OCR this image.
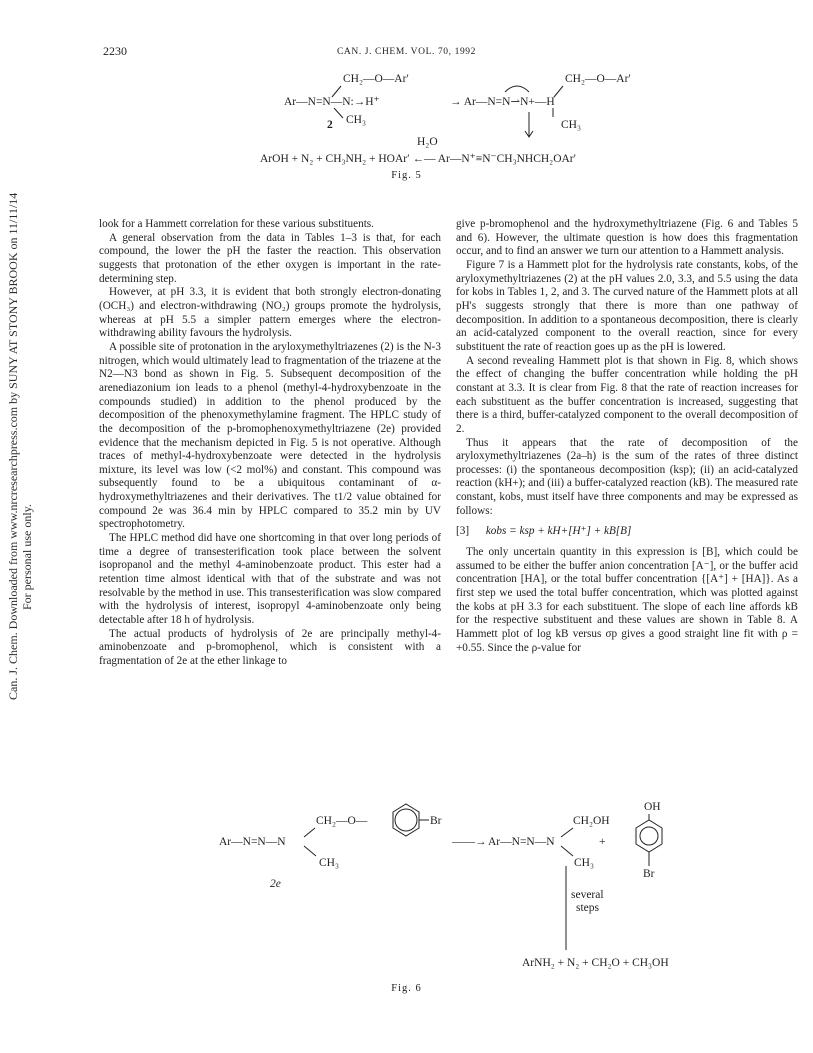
2230	CAN. J. CHEM. VOL. 70, 1992
Can. J. Chem. Downloaded from www.nrcresearchpress.com by SUNY AT STONY BROOK on 11/11/14 For personal use only.
CH₂—O—Ar′
Ar—N=N—N:→H⁺
CH₃
2
CH₂—O—Ar′
→ Ar—N=N⇀N+—H
CH₃
H₂O
ArOH + N₂ + CH₃NH₂ + HOAr′ ←— Ar—N⁺≡N⁻CH₃NHCH₂OAr′
Fig. 5

look for a Hammett correlation for these various substituents.

A general observation from the data in Tables 1–3 is that, for each compound, the lower the pH the faster the reaction. This observation suggests that protonation of the ether oxygen is important in the rate-determining step.

However, at pH 3.3, it is evident that both strongly electron-donating (OCH₃) and electron-withdrawing (NO₂) groups promote the hydrolysis, whereas at pH 5.5 a simpler pattern emerges where the electron-withdrawing ability favours the hydrolysis.

A possible site of protonation in the aryloxymethyltriazenes (2) is the N-3 nitrogen, which would ultimately lead to fragmentation of the triazene at the N2—N3 bond as shown in Fig. 5. Subsequent decomposition of the arenediazonium ion leads to a phenol (methyl-4-hydroxybenzoate in the compounds studied) in addition to the phenol produced by the decomposition of the phenoxymethylamine fragment. The HPLC study of the decomposition of the p-bromophenoxymethyltriazene (2e) provided evidence that the mechanism depicted in Fig. 5 is not operative. Although traces of methyl-4-hydroxybenzoate were detected in the hydrolysis mixture, its level was low (<2 mol%) and constant. This compound was subsequently found to be a ubiquitous contaminant of α-hydroxymethyltriazenes and their derivatives. The t1/2 value obtained for compound 2e was 36.4 min by HPLC compared to 35.2 min by UV spectrophotometry.

The HPLC method did have one shortcoming in that over long periods of time a degree of transesterification took place between the solvent isopropanol and the methyl 4-aminobenzoate product. This ester had a retention time almost identical with that of the substrate and was not resolvable by the method in use. This transesterification was slow compared with the hydrolysis of interest, isopropyl 4-aminobenzoate only being detectable after 18 h of hydrolysis.

The actual products of hydrolysis of 2e are principally methyl-4-aminobenzoate and p-bromophenol, which is consistent with a fragmentation of 2e at the ether linkage to

give p-bromophenol and the hydroxymethyltriazene (Fig. 6 and Tables 5 and 6). However, the ultimate question is how does this fragmentation occur, and to find an answer we turn our attention to a Hammett analysis.

Figure 7 is a Hammett plot for the hydrolysis rate constants, kobs, of the aryloxymethyltriazenes (2) at the pH values 2.0, 3.3, and 5.5 using the data for kobs in Tables 1, 2, and 3. The curved nature of the Hammett plots at all pH's suggests strongly that there is more than one pathway of decomposition. In addition to a spontaneous decomposition, there is clearly an acid-catalyzed component to the overall reaction, since for every substituent the rate of reaction goes up as the pH is lowered.

A second revealing Hammett plot is that shown in Fig. 8, which shows the effect of changing the buffer concentration while holding the pH constant at 3.3. It is clear from Fig. 8 that the rate of reaction increases for each substituent as the buffer concentration is increased, suggesting that there is a third, buffer-catalyzed component to the overall decomposition of 2.

Thus it appears that the rate of decomposition of the aryloxymethyltriazenes (2a–h) is the sum of the rates of three distinct processes: (i) the spontaneous decomposition (ksp); (ii) an acid-catalyzed reaction (kH+); and (iii) a buffer-catalyzed reaction (kB). The measured rate constant, kobs, must itself have three components and may be expressed as follows:

[3] kobs = ksp + kH+[H⁺] + kB[B]

The only uncertain quantity in this expression is [B], which could be assumed to be either the buffer anion concentration [A⁻], or the buffer acid concentration [HA], or the total buffer concentration {[A⁺] + [HA]}. As a first step we used the total buffer concentration, which was plotted against the kobs at pH 3.3 for each substituent. The slope of each line affords kB for the respective substituent and these values are shown in Table 8. A Hammett plot of log kB versus σp gives a good straight line fit with ρ = +0.55. Since the ρ-value for

CH₂—O—	Br
Ar—N=N—N
CH₃
2e
——→
CH₂OH
Ar—N=N—N	+
CH₃
OH
Br
several
steps
ArNH₂ + N₂ + CH₂O + CH₃OH
Fig. 6
